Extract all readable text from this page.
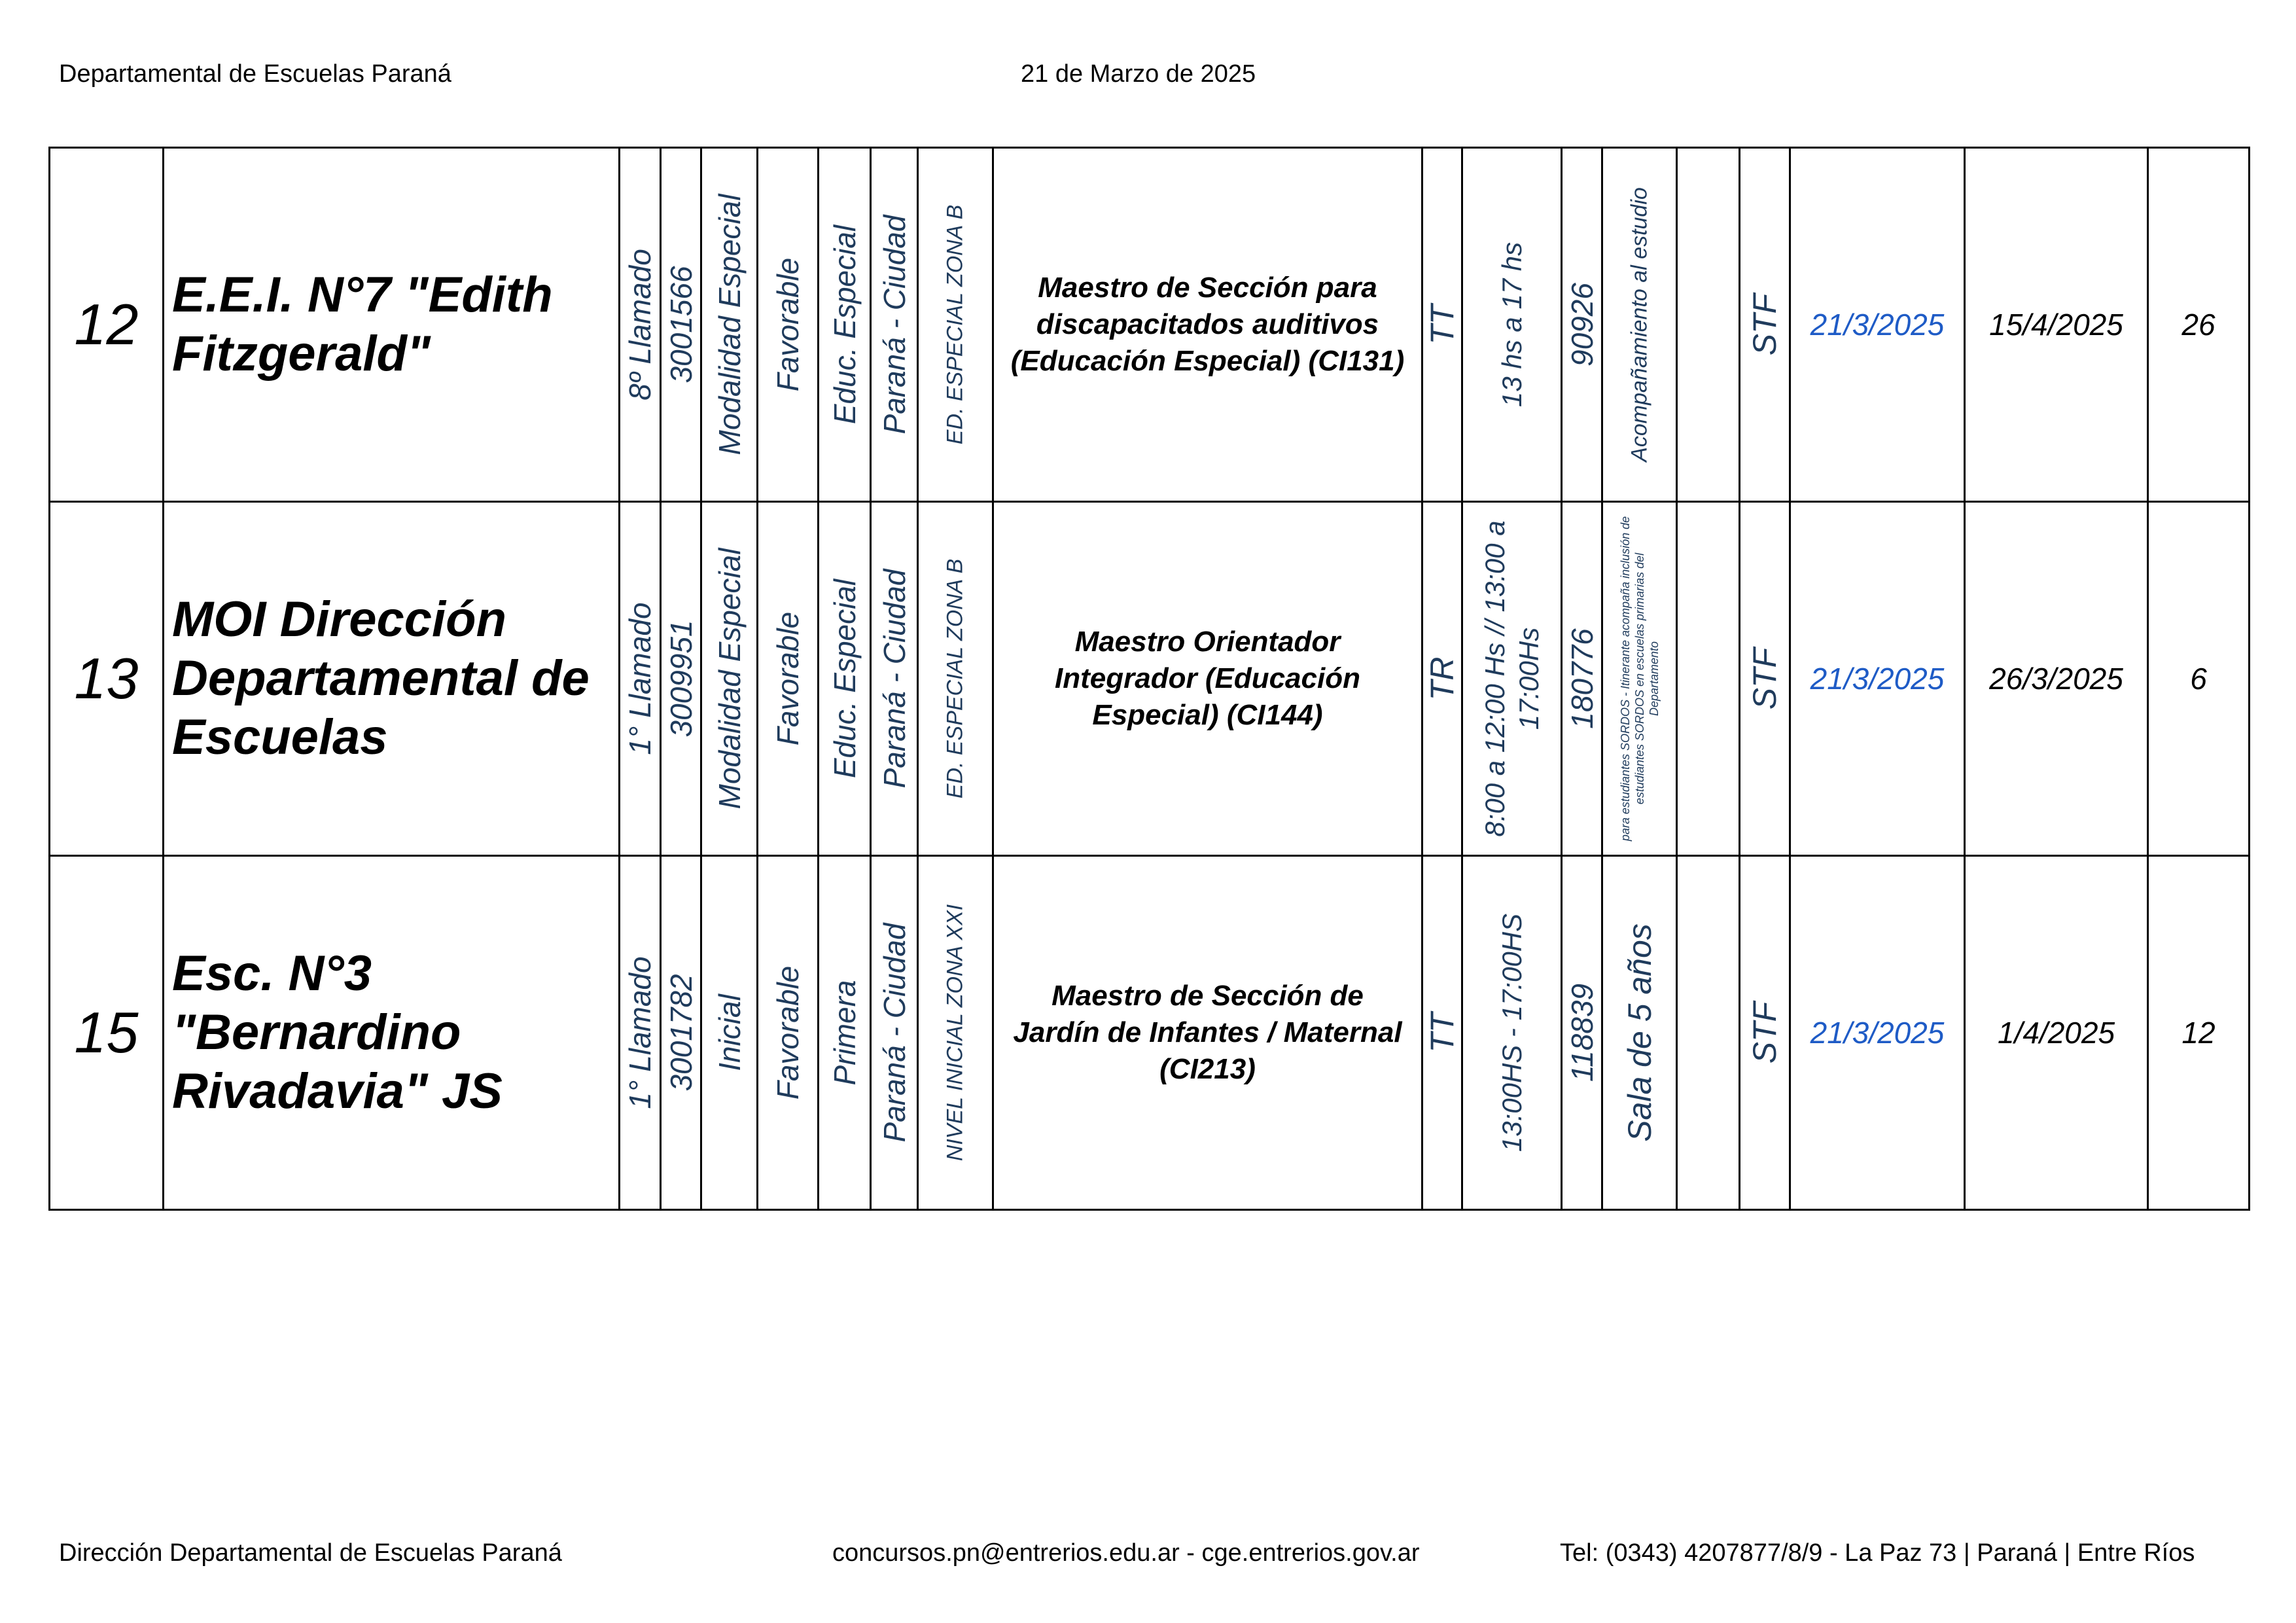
Departamental de Escuelas Paraná	21 de Marzo de 2025
12	E.E.I. N°7 "Edith Fitzgerald"	8º Llamado	3001566	Modalidad Especial	Favorable	Educ. Especial	Paraná - Ciudad	ED. ESPECIAL ZONA B	Maestro de Sección para discapacitados auditivos (Educación Especial) (CI131)	TT	13 hs a 17 hs	90926	Acompañamiento al estudio		STF	21/3/2025	15/4/2025	26
13	MOI Dirección Departamental de Escuelas	1° Llamado	3009951	Modalidad Especial	Favorable	Educ. Especial	Paraná - Ciudad	ED. ESPECIAL ZONA B	Maestro Orientador Integrador (Educación Especial) (CI144)	TR	8:00 a 12:00 Hs // 13:00 a 17:00Hs	180776	para estudiantes SORDOS - Itinerante acompaña inclusión de estudiantes SORDOS en escuelas primarias del Departamento		STF	21/3/2025	26/3/2025	6
15	Esc. N°3 "Bernardino Rivadavia" JS	1° Llamado	3001782	Inicial	Favorable	Primera	Paraná - Ciudad	NIVEL INICIAL ZONA XXI	Maestro de Sección de Jardín de Infantes / Maternal (CI213)	TT	13:00HS - 17:00HS	118839	Sala de 5 años		STF	21/3/2025	1/4/2025	12
Dirección Departamental de Escuelas Paraná	concursos.pn@entrerios.edu.ar - cge.entrerios.gov.ar	Tel: (0343) 4207877/8/9 - La Paz 73 | Paraná | Entre Ríos
